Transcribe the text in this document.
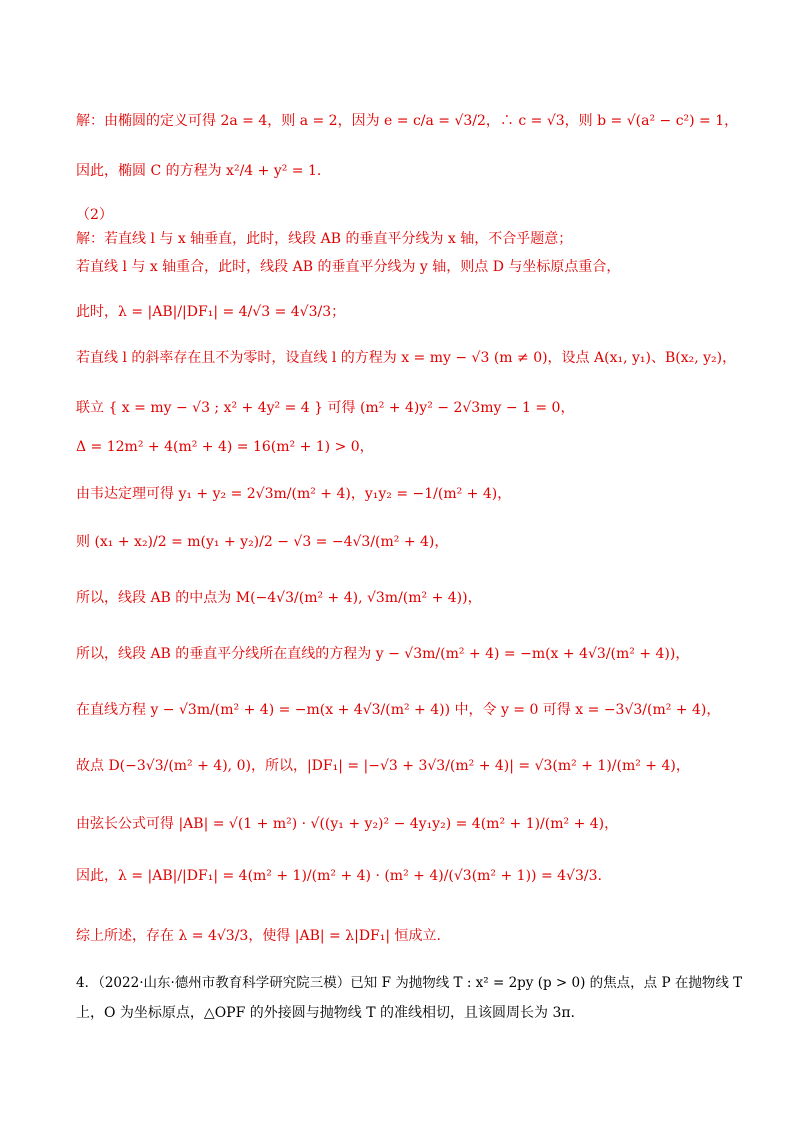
解：由椭圆的定义可得 2a = 4，则 a = 2，因为 e = c/a = √3/2，∴ c = √3，则 b = √(a² − c²) = 1，
因此，椭圆 C 的方程为 x²/4 + y² = 1.
（2）
解：若直线 l 与 x 轴垂直，此时，线段 AB 的垂直平分线为 x 轴，不合乎题意；
若直线 l 与 x 轴重合，此时，线段 AB 的垂直平分线为 y 轴，则点 D 与坐标原点重合，
此时，λ = |AB|/|DF₁| = 4/√3 = 4√3/3；
若直线 l 的斜率存在且不为零时，设直线 l 的方程为 x = my − √3 (m ≠ 0)，设点 A(x₁, y₁)、B(x₂, y₂)，
联立 { x = my − √3 ; x² + 4y² = 4 } 可得 (m² + 4)y² − 2√3my − 1 = 0，
Δ = 12m² + 4(m² + 4) = 16(m² + 1) > 0，
由韦达定理可得 y₁ + y₂ = 2√3m/(m² + 4)，y₁y₂ = −1/(m² + 4)，
则 (x₁ + x₂)/2 = m(y₁ + y₂)/2 − √3 = −4√3/(m² + 4)，
所以，线段 AB 的中点为 M(−4√3/(m² + 4), √3m/(m² + 4))，
所以，线段 AB 的垂直平分线所在直线的方程为 y − √3m/(m² + 4) = −m(x + 4√3/(m² + 4))，
在直线方程 y − √3m/(m² + 4) = −m(x + 4√3/(m² + 4)) 中，令 y = 0 可得 x = −3√3/(m² + 4)，
故点 D(−3√3/(m² + 4), 0)，所以，|DF₁| = |−√3 + 3√3/(m² + 4)| = √3(m² + 1)/(m² + 4)，
由弦长公式可得 |AB| = √(1 + m²) · √((y₁ + y₂)² − 4y₁y₂) = 4(m² + 1)/(m² + 4)，
因此，λ = |AB|/|DF₁| = 4(m² + 1)/(m² + 4) · (m² + 4)/(√3(m² + 1)) = 4√3/3.
综上所述，存在 λ = 4√3/3，使得 |AB| = λ|DF₁| 恒成立.
4．（2022·山东·德州市教育科学研究院三模）已知 F 为抛物线 T : x² = 2py (p > 0) 的焦点，点 P 在抛物线 T
上，O 为坐标原点，△OPF 的外接圆与抛物线 T 的准线相切，且该圆周长为 3π.
